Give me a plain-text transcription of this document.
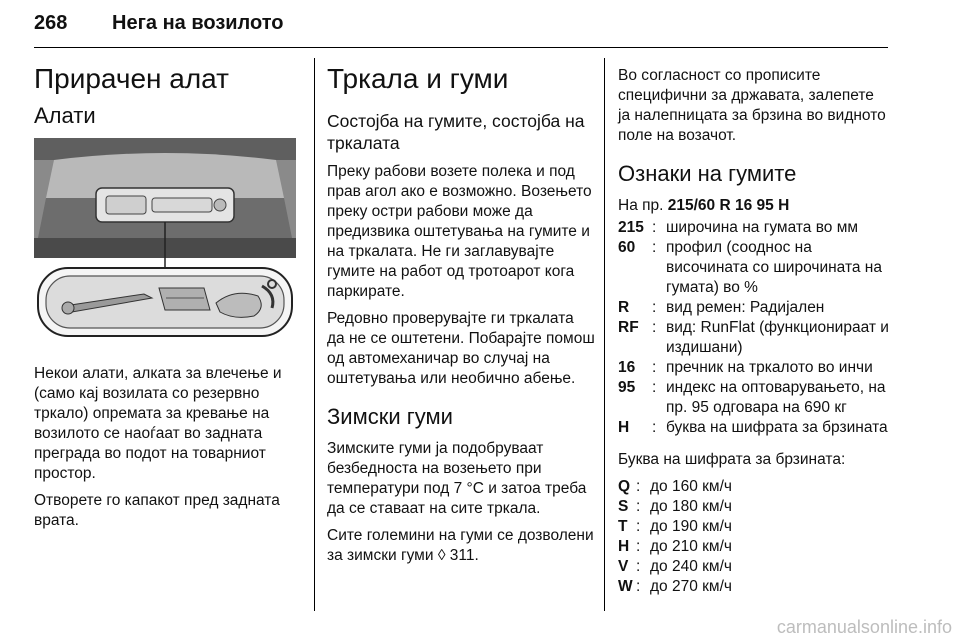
268 Нега на возилото
Прирачен алат
Алати

Некои алати, алката за влечење и (само кај возилата со резервно тркало) опремата за кревање на возилото се наоѓаат во задната преграда во подот на товарниот простор.

Отворете го капакот пред задната врата.

Тркала и гуми
Состојба на гумите, состојба на тркалата

Преку рабови возете полека и под прав агол ако е возможно. Возењето преку остри рабови може да предизвика оштетувања на гумите и на тркалата. Не ги заглавувајте гумите на работ од тротоарот кога паркирате.

Редовно проверувајте ги тркалата да не се оштетени. Побарајте помош од автомеханичар во случај на оштетувања или необично абење.

Зимски гуми

Зимските гуми ја подобруваат безбедноста на возењето при температури под 7 °C и затоа треба да се ставаат на сите тркала.

Сите големини на гуми се дозволени за зимски гуми ◊ 311.

Во согласност со прописите специфични за државата, залепете ја налепницата за брзина во видното поле на возачот.

Ознаки на гумите

На пр. 215/60 R 16 95 H

215 : широчина на гумата во мм
60	: профил (сооднос на височината со широчината на гумата) во %
R	: вид ремен: Радијален
RF : вид: RunFlat (функционираат и издишани)
16	: пречник на тркалото во инчи
95	: индекс на оптоварувањето, на пр. 95 одговара на 690 кг
H	: буква на шифрата за брзината

Буква на шифрата за брзината:

Q : до 160 км/ч
S : до 180 км/ч
T : до 190 км/ч
H : до 210 км/ч
V : до 240 км/ч
W : до 270 км/ч
carmanualsonline.info
